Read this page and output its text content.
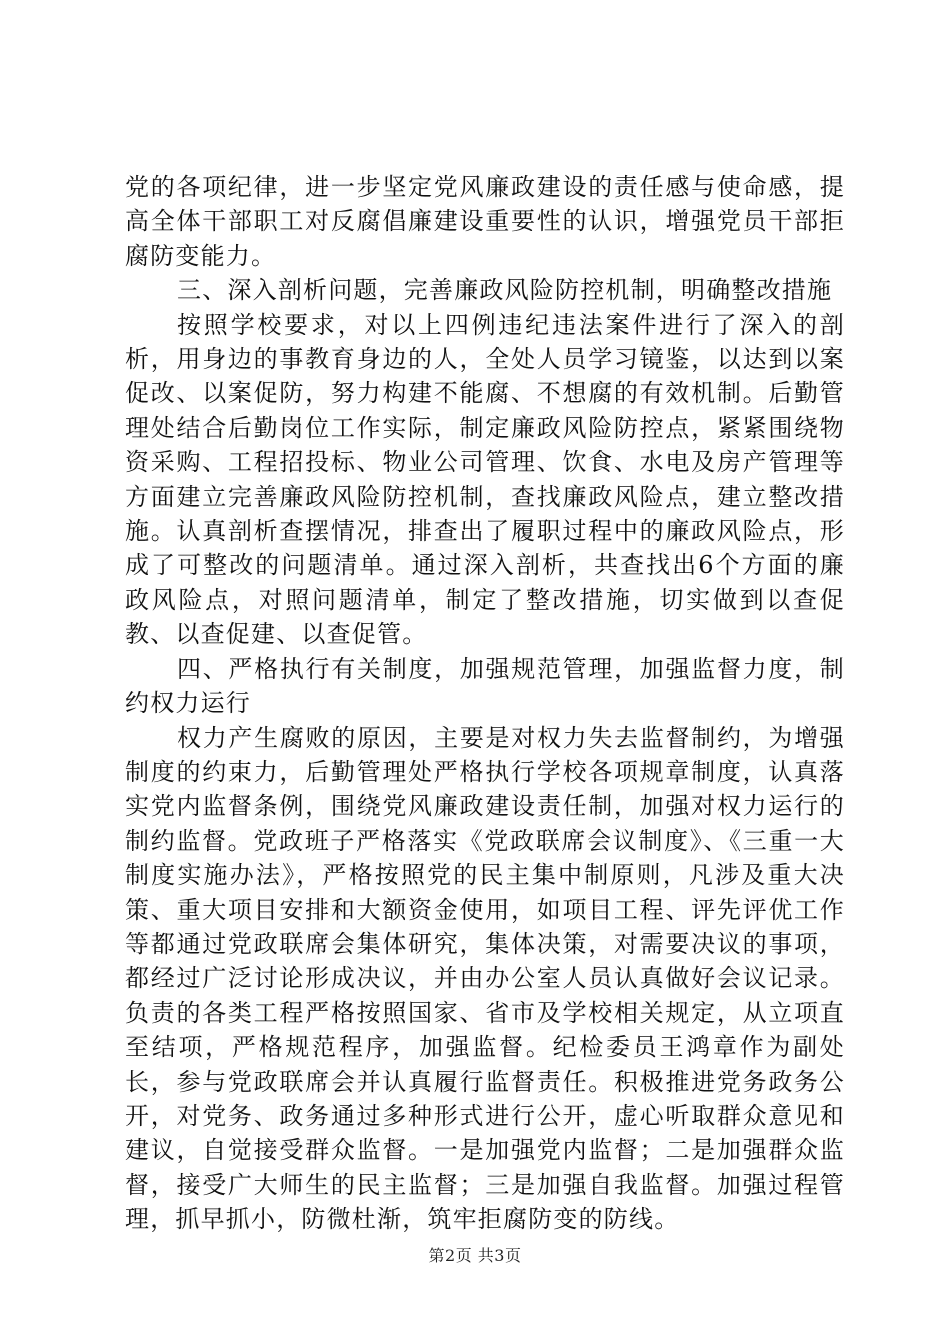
党的各项纪律，进一步坚定党风廉政建设的责任感与使命感，提高全体干部职工对反腐倡廉建设重要性的认识，增强党员干部拒腐防变能力。

三、深入剖析问题，完善廉政风险防控机制，明确整改措施

按照学校要求，对以上四例违纪违法案件进行了深入的剖析，用身边的事教育身边的人，全处人员学习镜鉴，以达到以案促改、以案促防，努力构建不能腐、不想腐的有效机制。后勤管理处结合后勤岗位工作实际，制定廉政风险防控点，紧紧围绕物资采购、工程招投标、物业公司管理、饮食、水电及房产管理等方面建立完善廉政风险防控机制，查找廉政风险点，建立整改措施。认真剖析查摆情况，排查出了履职过程中的廉政风险点，形成了可整改的问题清单。通过深入剖析，共查找出6个方面的廉政风险点，对照问题清单，制定了整改措施，切实做到以查促教、以查促建、以查促管。

四、严格执行有关制度，加强规范管理，加强监督力度，制约权力运行

权力产生腐败的原因，主要是对权力失去监督制约，为增强制度的约束力，后勤管理处严格执行学校各项规章制度，认真落实党内监督条例，围绕党风廉政建设责任制，加强对权力运行的制约监督。党政班子严格落实《党政联席会议制度》、《三重一大制度实施办法》，严格按照党的民主集中制原则，凡涉及重大决策、重大项目安排和大额资金使用，如项目工程、评先评优工作等都通过党政联席会集体研究，集体决策，对需要决议的事项，都经过广泛讨论形成决议，并由办公室人员认真做好会议记录。负责的各类工程严格按照国家、省市及学校相关规定，从立项直至结项，严格规范程序，加强监督。纪检委员王鸿章作为副处长，参与党政联席会并认真履行监督责任。积极推进党务政务公开，对党务、政务通过多种形式进行公开，虚心听取群众意见和建议，自觉接受群众监督。一是加强党内监督；二是加强群众监督，接受广大师生的民主监督；三是加强自我监督。加强过程管理，抓早抓小，防微杜渐，筑牢拒腐防变的防线。

第2页 共3页
